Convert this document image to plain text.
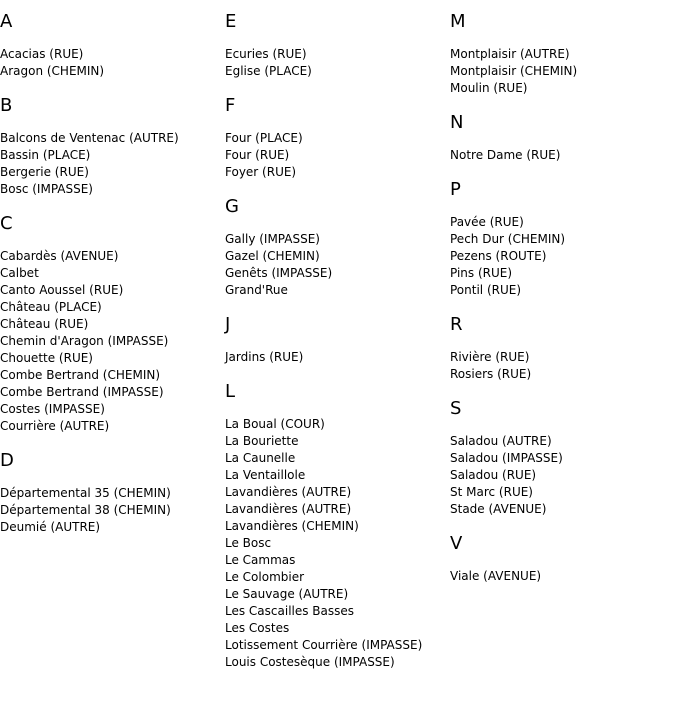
A
Acacias (RUE)
Aragon (CHEMIN)
B
Balcons de Ventenac (AUTRE)
Bassin (PLACE)
Bergerie (RUE)
Bosc (IMPASSE)
C
Cabardès (AVENUE)
Calbet
Canto Aoussel (RUE)
Château (PLACE)
Château (RUE)
Chemin d'Aragon (IMPASSE)
Chouette (RUE)
Combe Bertrand (CHEMIN)
Combe Bertrand (IMPASSE)
Costes (IMPASSE)
Courrière (AUTRE)
D
Départemental 35 (CHEMIN)
Départemental 38 (CHEMIN)
Deumié (AUTRE)
E
Ecuries (RUE)
Eglise (PLACE)
F
Four (PLACE)
Four (RUE)
Foyer (RUE)
G
Gally (IMPASSE)
Gazel (CHEMIN)
Genêts (IMPASSE)
Grand'Rue
J
Jardins (RUE)
L
La Boual (COUR)
La Bouriette
La Caunelle
La Ventaillole
Lavandières (AUTRE)
Lavandières (AUTRE)
Lavandières (CHEMIN)
Le Bosc
Le Cammas
Le Colombier
Le Sauvage (AUTRE)
Les Cascailles Basses
Les Costes
Lotissement Courrière (IMPASSE)
Louis Costesèque (IMPASSE)
M
Montplaisir (AUTRE)
Montplaisir (CHEMIN)
Moulin (RUE)
N
Notre Dame (RUE)
P
Pavée (RUE)
Pech Dur (CHEMIN)
Pezens (ROUTE)
Pins (RUE)
Pontil (RUE)
R
Rivière (RUE)
Rosiers (RUE)
S
Saladou (AUTRE)
Saladou (IMPASSE)
Saladou (RUE)
St Marc (RUE)
Stade (AVENUE)
V
Viale (AVENUE)
